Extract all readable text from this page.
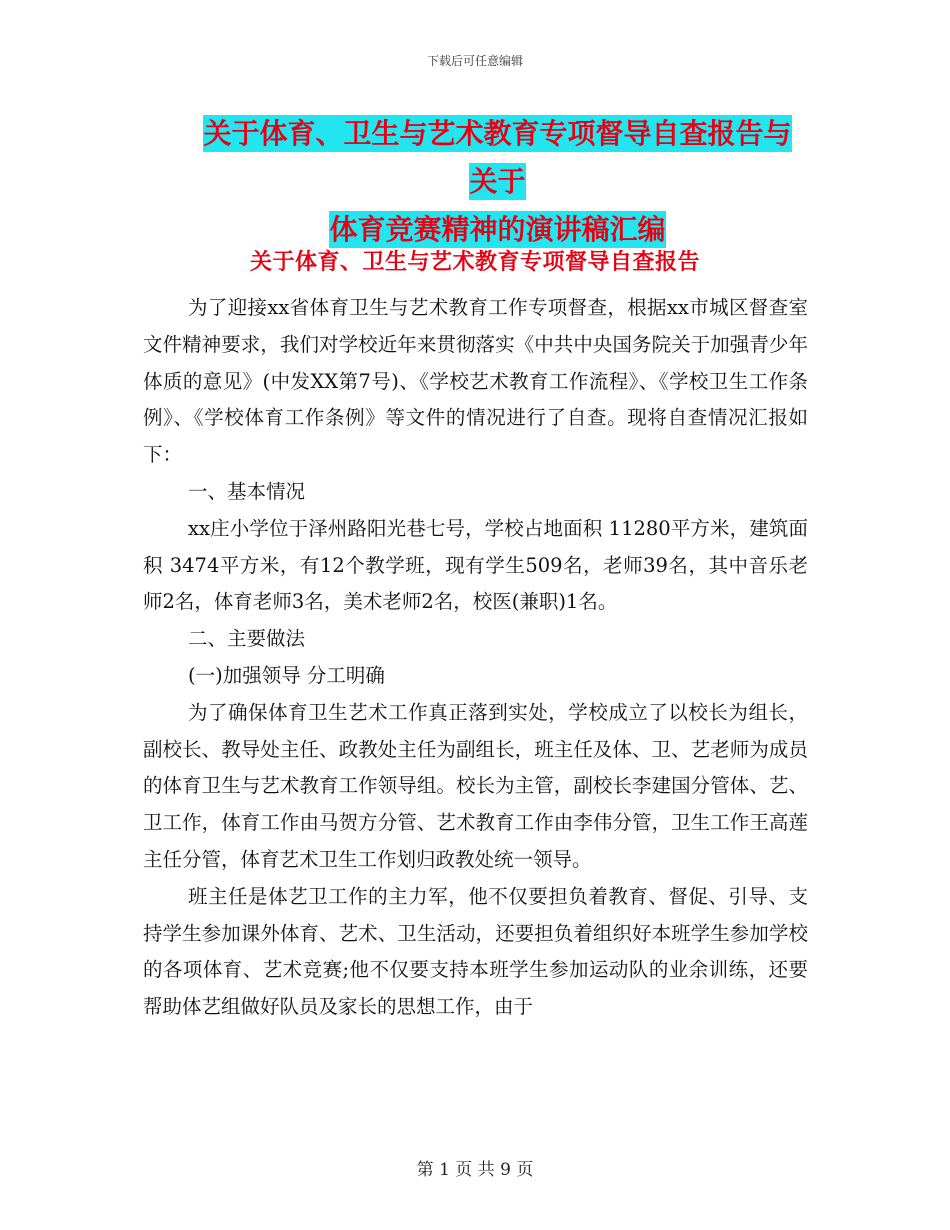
下载后可任意编辑
关于体育、卫生与艺术教育专项督导自查报告与关于
体育竞赛精神的演讲稿汇编
关于体育、卫生与艺术教育专项督导自查报告

为了迎接xx省体育卫生与艺术教育工作专项督查，根据xx市城区督查室文件精神要求，我们对学校近年来贯彻落实《中共中央国务院关于加强青少年体质的意见》(中发XX第7号)、《学校艺术教育工作流程》、《学校卫生工作条例》、《学校体育工作条例》等文件的情况进行了自查。现将自查情况汇报如下：

一、基本情况

xx庄小学位于泽州路阳光巷七号，学校占地面积 11280平方米，建筑面积 3474平方米，有12个教学班，现有学生509名，老师39名，其中音乐老师2名，体育老师3名，美术老师2名，校医(兼职)1名。

二、主要做法

(一)加强领导 分工明确

为了确保体育卫生艺术工作真正落到实处，学校成立了以校长为组长，副校长、教导处主任、政教处主任为副组长，班主任及体、卫、艺老师为成员的体育卫生与艺术教育工作领导组。校长为主管，副校长李建国分管体、艺、卫工作，体育工作由马贺方分管、艺术教育工作由李伟分管，卫生工作王高莲主任分管，体育艺术卫生工作划归政教处统一领导。

班主任是体艺卫工作的主力军，他不仅要担负着教育、督促、引导、支持学生参加课外体育、艺术、卫生活动，还要担负着组织好本班学生参加学校的各项体育、艺术竞赛;他不仅要支持本班学生参加运动队的业余训练，还要帮助体艺组做好队员及家长的思想工作，由于

第 1 页 共 9 页
